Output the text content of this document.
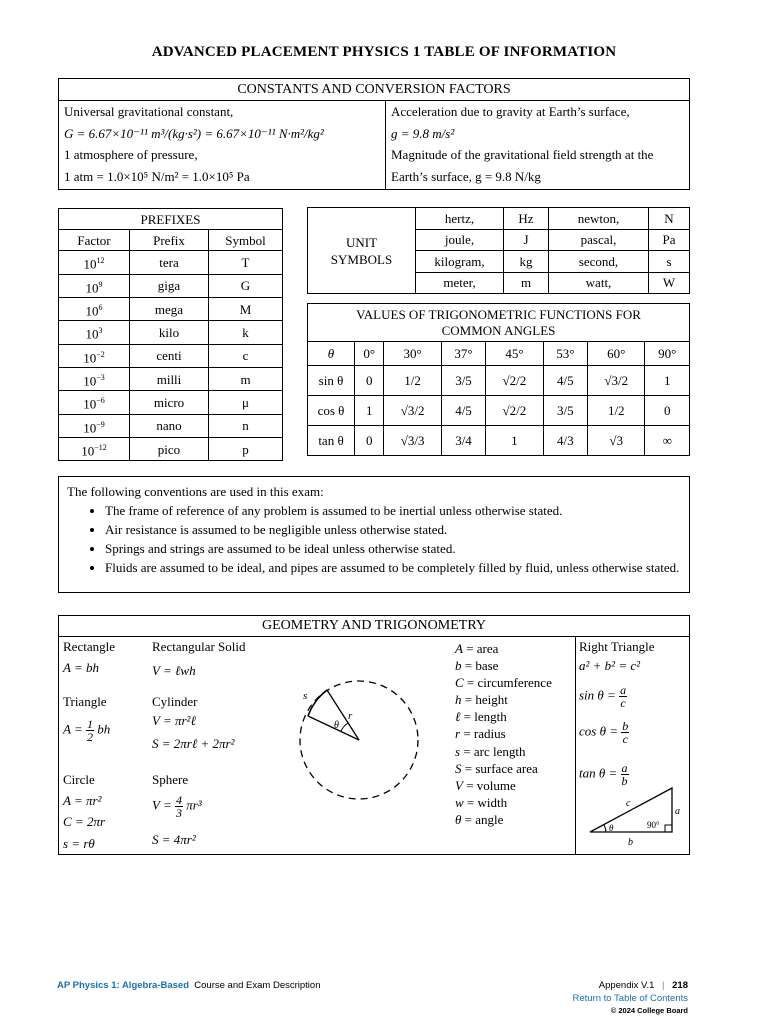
ADVANCED PLACEMENT PHYSICS 1 TABLE OF INFORMATION
CONSTANTS AND CONVERSION FACTORS

Universal gravitational constant,
G = 6.67×10⁻¹¹ m³/(kg·s²) = 6.67×10⁻¹¹ N·m²/kg²
1 atmosphere of pressure,
1 atm = 1.0×10⁵ N/m² = 1.0×10⁵ Pa

Acceleration due to gravity at Earth’s surface,
g = 9.8 m/s²
Magnitude of the gravitational field strength at the
Earth’s surface, g = 9.8 N/kg
PREFIXES		
Factor	Prefix	Symbol
$10^{12}$	tera	T
$10^9$	giga	G
$10^6$	mega	M
$10^3$	kilo	k
$10^{-2}$	centi	c
$10^{-3}$	milli	m
$10^{-6}$	micro	μ
$10^{-9}$	nano	n
$10^{-12}$	pico	p
UNIT SYMBOLS	hertz,	Hz	newton,	N
	joule,	J	pascal,	Pa
	kilogram,	kg	second,	s
	meter,	m	watt,	W
VALUES OF TRIGONOMETRIC FUNCTIONS FOR COMMON ANGLES							
θ	0°	30°	37°	45°	53°	60°	90°
sin θ	0	1/2	3/5	√2/2	4/5	√3/2	1
cos θ	1	√3/2	4/5	√2/2	3/5	1/2	0
tan θ	0	√3/3	3/4	1	4/3	√3	∞
The following conventions are used in this exam:
• The frame of reference of any problem is assumed to be inertial unless otherwise stated.
• Air resistance is assumed to be negligible unless otherwise stated.
• Springs and strings are assumed to be ideal unless otherwise stated.
• Fluids are assumed to be ideal, and pipes are assumed to be completely filled by fluid, unless otherwise stated.
GEOMETRY AND TRIGONOMETRY
Rectangle
A = bh
Triangle
$A = \frac{1}{2}$ bh
Circle
A = πr²
C = 2πr
s = rθ
Rectangular Solid
V = ℓwh
Cylinder
V = πr²ℓ
S = 2πrℓ + 2πr²
Sphere
$V = \frac{4}{3} \pi r^3$
S = 4πr²
s
r
θ
A = area
b = base
C = circumference
h = height
ℓ = length
r = radius
s = arc length
S = surface area
V = volume
w = width
θ = angle
Right Triangle
a² + b² = c²
$\sin \theta = \frac{a}{c}$
$\cos \theta = \frac{b}{c}$
$\tan \theta = \frac{a}{b}$
c
a
b
θ	90°
AP Physics 1: Algebra-Based Course and Exam Description	Appendix V.1 | 218
Return to Table of Contents
© 2024 College Board
